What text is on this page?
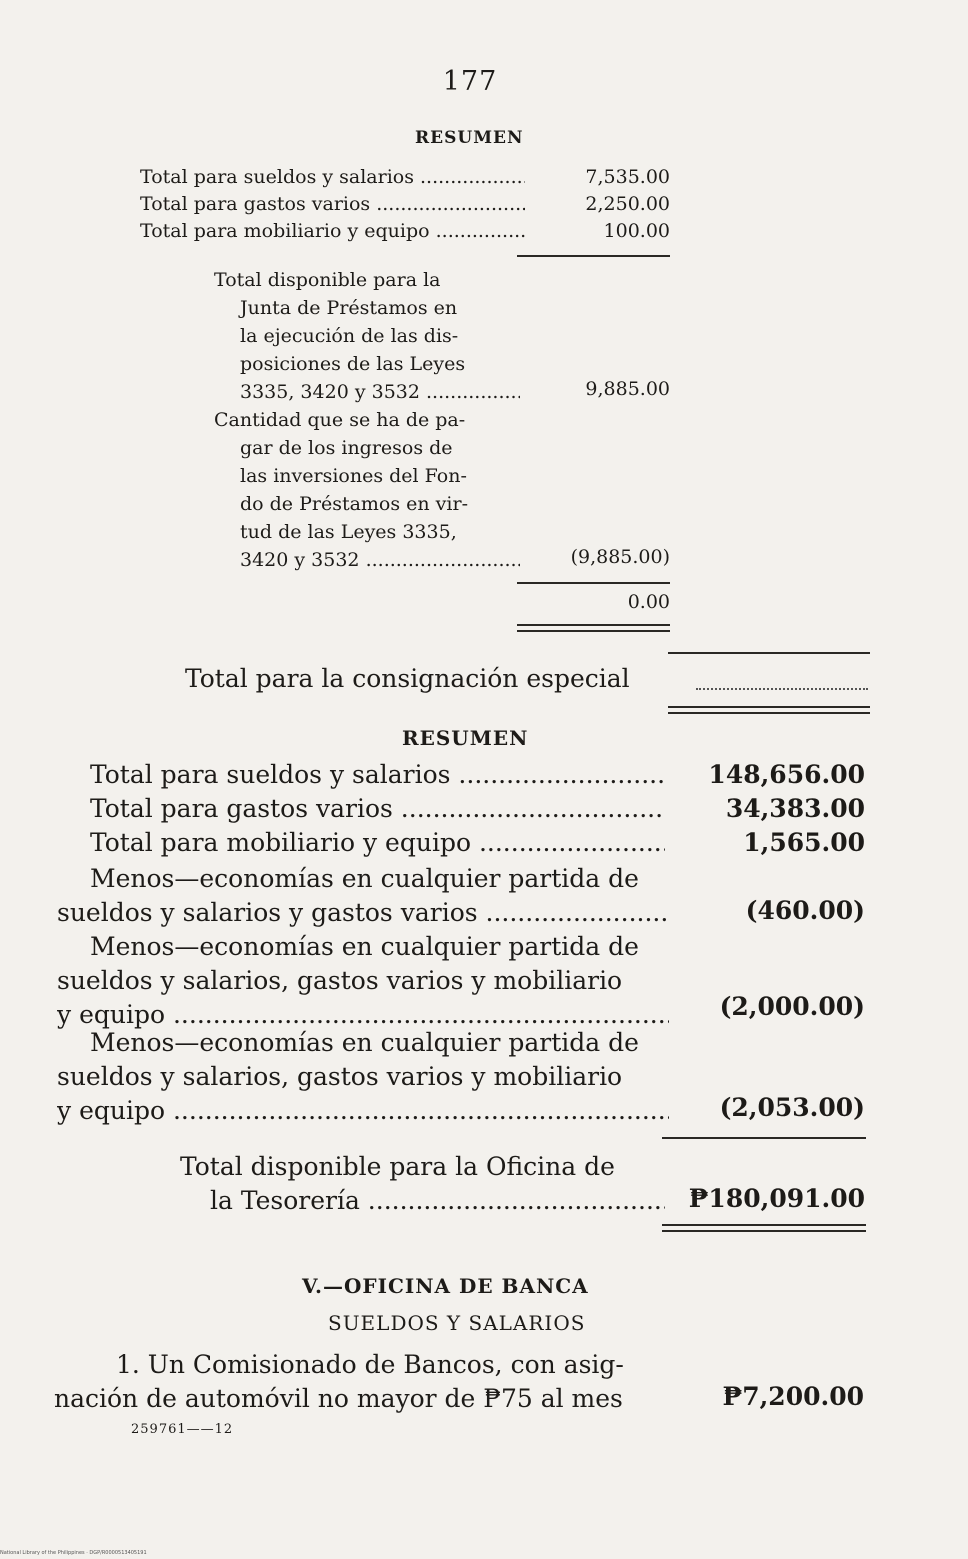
177
RESUMEN
Total para sueldos y salarios .....	7,535.00
Total para gastos varios .....	2,250.00
Total para mobiliario y equipo .....	100.00
Total disponible para la
Junta de Préstamos en
la ejecución de las dis-
posiciones de las Leyes
3335, 3420 y 3532 .....	9,885.00
Cantidad que se ha de pa-
gar de los ingresos de
las inversiones del Fon-
do de Préstamos en vir-
tud de las Leyes 3335,
3420 y 3532 .....	(9,885.00)
0.00
Total para la consignación especial
RESUMEN
Total para sueldos y salarios .....	148,656.00
Total para gastos varios .....	34,383.00
Total para mobiliario y equipo .....	1,565.00
Menos—economías en cualquier partida de
sueldos y salarios y gastos varios .....	(460.00)
Menos—economías en cualquier partida de
sueldos y salarios, gastos varios y mobiliario
y equipo .....	(2,000.00)
Menos—economías en cualquier partida de
sueldos y salarios, gastos varios y mobiliario
y equipo .....	(2,053.00)
Total disponible para la Oficina de
la Tesorería .....	₱180,091.00
V.—OFICINA DE BANCA
SUELDOS Y SALARIOS
1. Un Comisionado de Bancos, con asig-
nación de automóvil no mayor de ₱75 al mes	₱7,200.00
259761——12
National Library of the Philippines · DGP/R0000513405191
